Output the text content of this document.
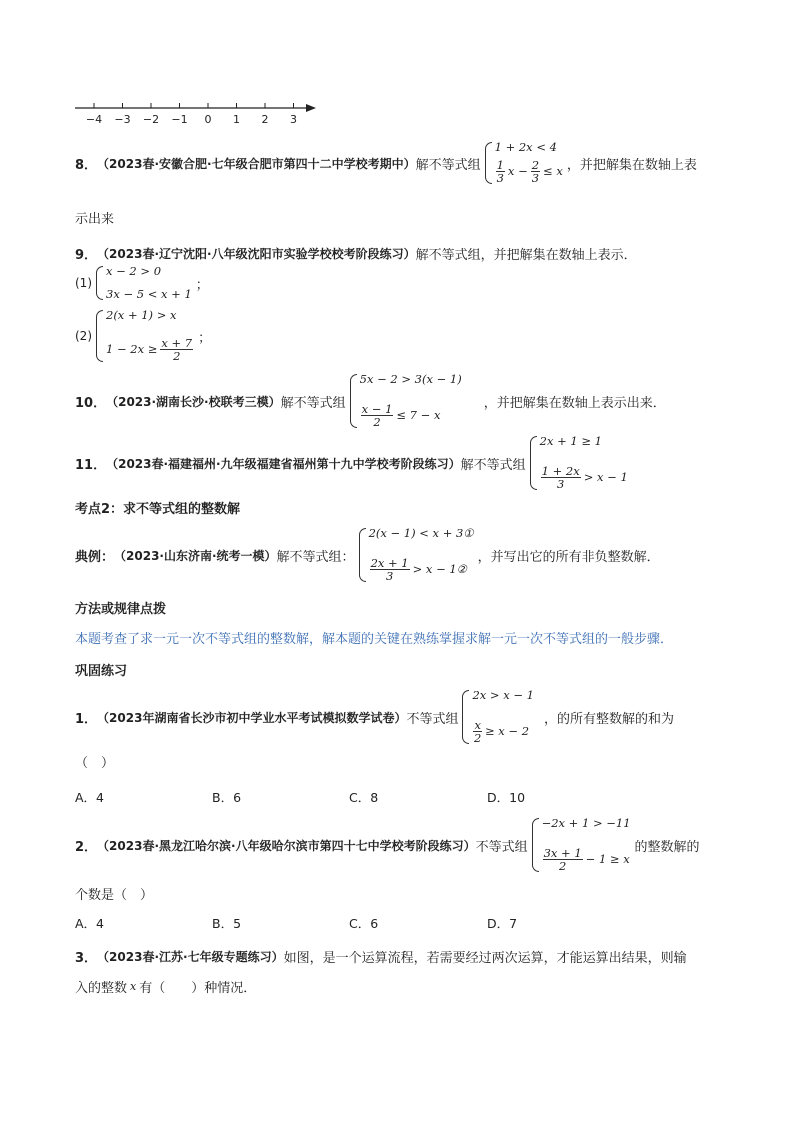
−4 −3 −2 −1 0 1 2 3
8． （2023春·安徽合肥·七年级合肥市第四十二中学校考期中） 解不等式组
1 + 2x < 4
$\frac{1}{3}$ $x - \frac{2}{3} \le x$ ，并把解集在数轴上表
示出来
9． （2023春·辽宁沈阳·八年级沈阳市实验学校校考阶段练习） 解不等式组，并把解集在数轴上表示．
(1)
x − 2 > 0
3x − 5 < x + 1
；
(2)
2(x + 1) > x
$1 - 2x \ge \frac{x + 7}{2}$ ；
10． （2023·湖南长沙·校联考三模） 解不等式组
5x − 2 > 3(x − 1)
$\frac{x - 1}{2} \le 7 - x$
，并把解集在数轴上表示出来．
11． （2023春·福建福州·九年级福建省福州第十九中学校考阶段练习） 解不等式组
2x + 1 ≥ 1
$\frac{1 + 2x}{3} > x - 1$
考点2：求不等式组的整数解
典例： （2023·山东济南·统考一模） 解不等式组：
2(x − 1) < x + 3①
$\frac{2x + 1}{3} > x$ − 1②
，并写出它的所有非负整数解．
方法或规律点拨
本题考查了求一元一次不等式组的整数解，解本题的关键在熟练掌握求解一元一次不等式组的一般步骤．
巩固练习
1． （2023年湖南省长沙市初中学业水平考试模拟数学试卷） 不等式组
2x > x − 1
$\frac{x}{2} \ge x - 2$
，的所有整数解的和为
（　）
A．4	B．6	C．8	D．10
2． （2023春·黑龙江哈尔滨·八年级哈尔滨市第四十七中学校考阶段练习） 不等式组
−2x + 1 > −11
$\frac{3x + 1}{2} - 1 \ge x$
的整数解的
个数是（　）
A．4	B．5	C．6	D．7
3． （2023春·江苏·七年级专题练习） 如图，是一个运算流程，若需要经过两次运算，才能运算出结果，则输
入的整数 x 有（　　）种情况．
